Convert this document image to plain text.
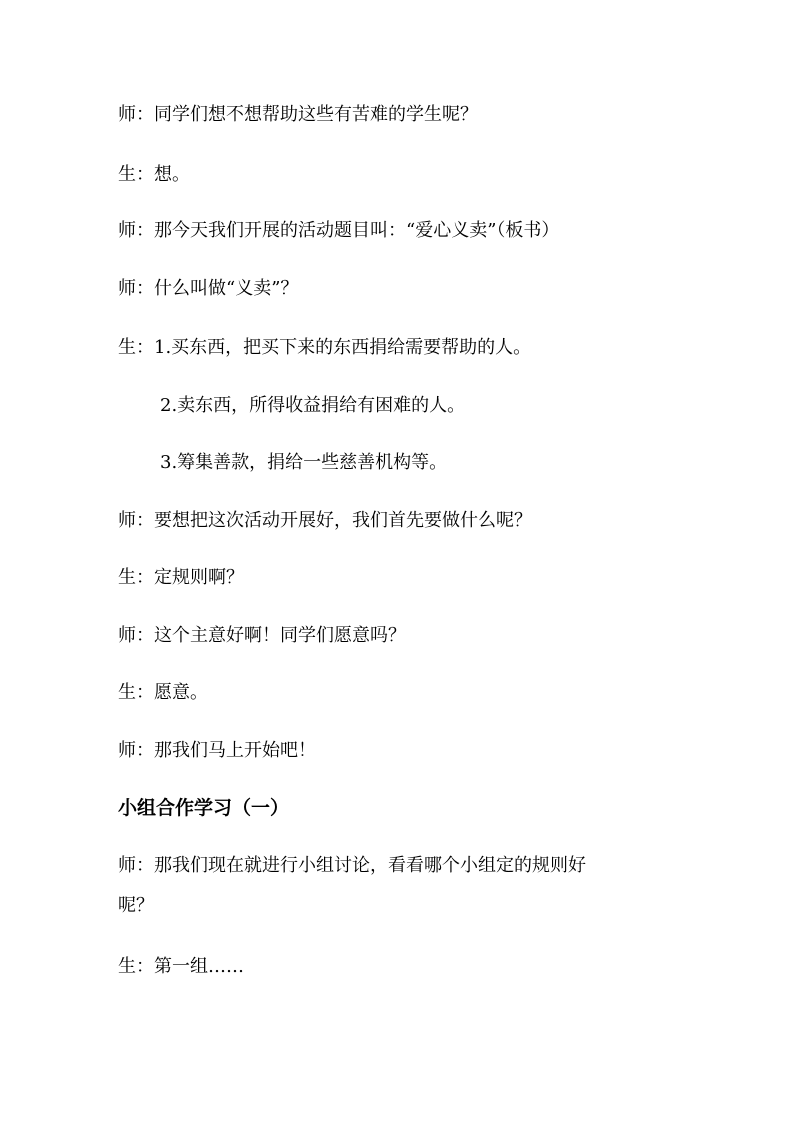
师：同学们想不想帮助这些有苦难的学生呢？
生：想。
师：那今天我们开展的活动题目叫：“爱心义卖”（板书）
师：什么叫做“义卖”？
生：1.买东西，把买下来的东西捐给需要帮助的人。
2.卖东西，所得收益捐给有困难的人。
3.筹集善款，捐给一些慈善机构等。
师：要想把这次活动开展好，我们首先要做什么呢？
生：定规则啊？
师：这个主意好啊！同学们愿意吗？
生：愿意。
师：那我们马上开始吧！
小组合作学习（一）
师：那我们现在就进行小组讨论，看看哪个小组定的规则好
呢？
生：第一组……
